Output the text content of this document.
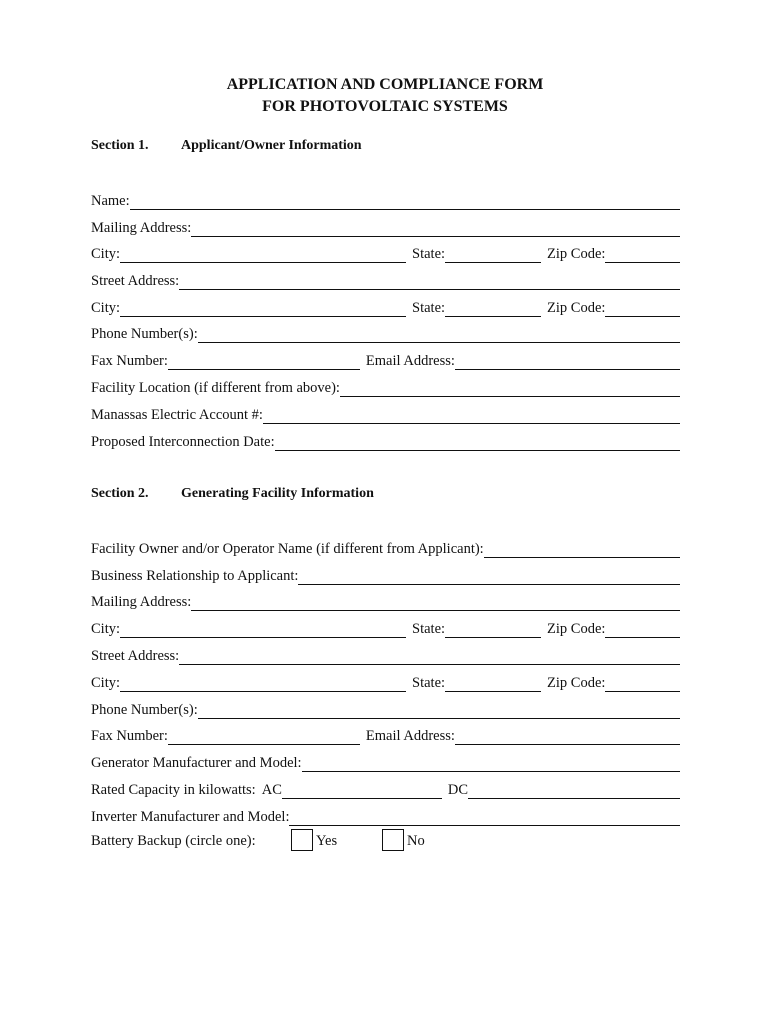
APPLICATION AND COMPLIANCE FORM
FOR PHOTOVOLTAIC SYSTEMS
Section 1. Applicant/Owner Information
Name:
Mailing Address:
City:	State:	Zip Code:
Street Address:
City:	State:	Zip Code:
Phone Number(s):
Fax Number:	Email Address:
Facility Location (if different from above):
Manassas Electric Account #:
Proposed Interconnection Date:
Section 2. Generating Facility Information
Facility Owner and/or Operator Name (if different from Applicant):
Business Relationship to Applicant:
Mailing Address:
City:	State:	Zip Code:
Street Address:
City:	State:	Zip Code:
Phone Number(s):
Fax Number:	Email Address:
Generator Manufacturer and Model:
Rated Capacity in kilowatts: AC	DC
Inverter Manufacturer and Model:
Battery Backup (circle one):	Yes	No
